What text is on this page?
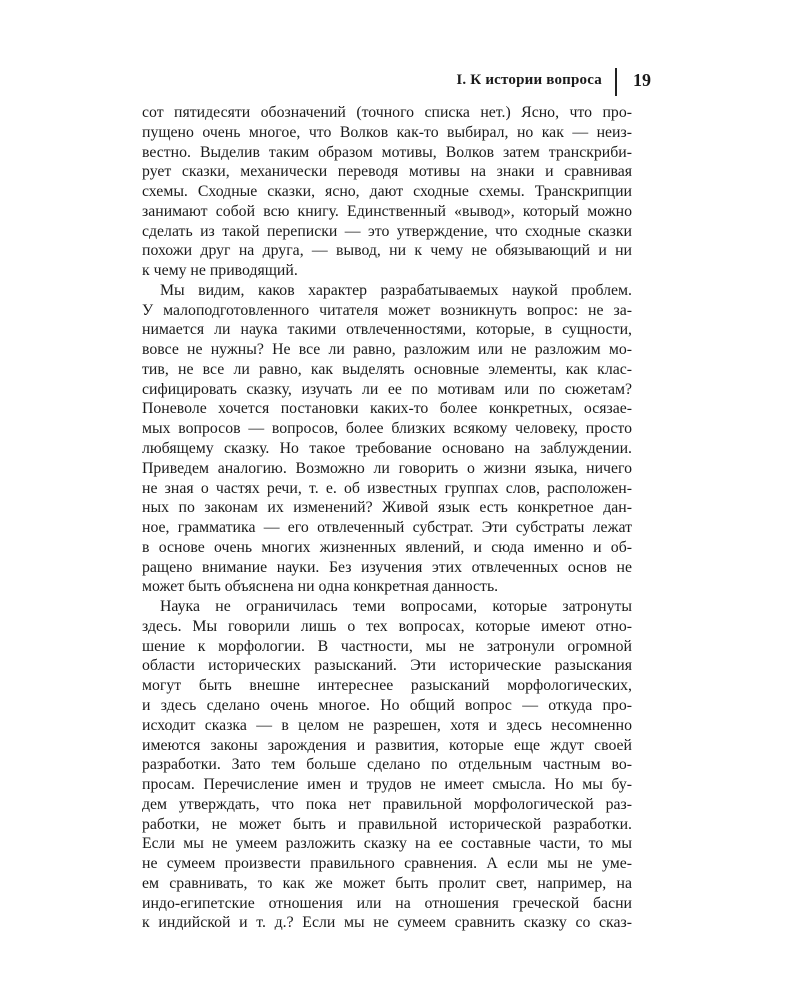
I. К истории вопроса 19
сот пятидесяти обозначений (точного списка нет.) Ясно, что про-
пущено очень многое, что Волков как-то выбирал, но как — неиз-
вестно. Выделив таким образом мотивы, Волков затем транскриби-
рует сказки, механически переводя мотивы на знаки и сравнивая
схемы. Сходные сказки, ясно, дают сходные схемы. Транскрипции
занимают собой всю книгу. Единственный «вывод», который можно
сделать из такой переписки — это утверждение, что сходные сказки
похожи друг на друга, — вывод, ни к чему не обязывающий и ни
к чему не приводящий.
Мы видим, каков характер разрабатываемых наукой проблем.
У малоподготовленного читателя может возникнуть вопрос: не за-
нимается ли наука такими отвлеченностями, которые, в сущности,
вовсе не нужны? Не все ли равно, разложим или не разложим мо-
тив, не все ли равно, как выделять основные элементы, как клас-
сифицировать сказку, изучать ли ее по мотивам или по сюжетам?
Поневоле хочется постановки каких-то более конкретных, осязае-
мых вопросов — вопросов, более близких всякому человеку, просто
любящему сказку. Но такое требование основано на заблуждении.
Приведем аналогию. Возможно ли говорить о жизни языка, ничего
не зная о частях речи, т. е. об известных группах слов, расположен-
ных по законам их изменений? Живой язык есть конкретное дан-
ное, грамматика — его отвлеченный субстрат. Эти субстраты лежат
в основе очень многих жизненных явлений, и сюда именно и об-
ращено внимание науки. Без изучения этих отвлеченных основ не
может быть объяснена ни одна конкретная данность.
Наука не ограничилась теми вопросами, которые затронуты
здесь. Мы говорили лишь о тех вопросах, которые имеют отно-
шение к морфологии. В частности, мы не затронули огромной
области исторических разысканий. Эти исторические разыскания
могут быть внешне интереснее разысканий морфологических,
и здесь сделано очень многое. Но общий вопрос — откуда про-
исходит сказка — в целом не разрешен, хотя и здесь несомненно
имеются законы зарождения и развития, которые еще ждут своей
разработки. Зато тем больше сделано по отдельным частным во-
просам. Перечисление имен и трудов не имеет смысла. Но мы бу-
дем утверждать, что пока нет правильной морфологической раз-
работки, не может быть и правильной исторической разработки.
Если мы не умеем разложить сказку на ее составные части, то мы
не сумеем произвести правильного сравнения. А если мы не уме-
ем сравнивать, то как же может быть пролит свет, например, на
индо-египетские отношения или на отношения греческой басни
к индийской и т. д.? Если мы не сумеем сравнить сказку со сказ-
